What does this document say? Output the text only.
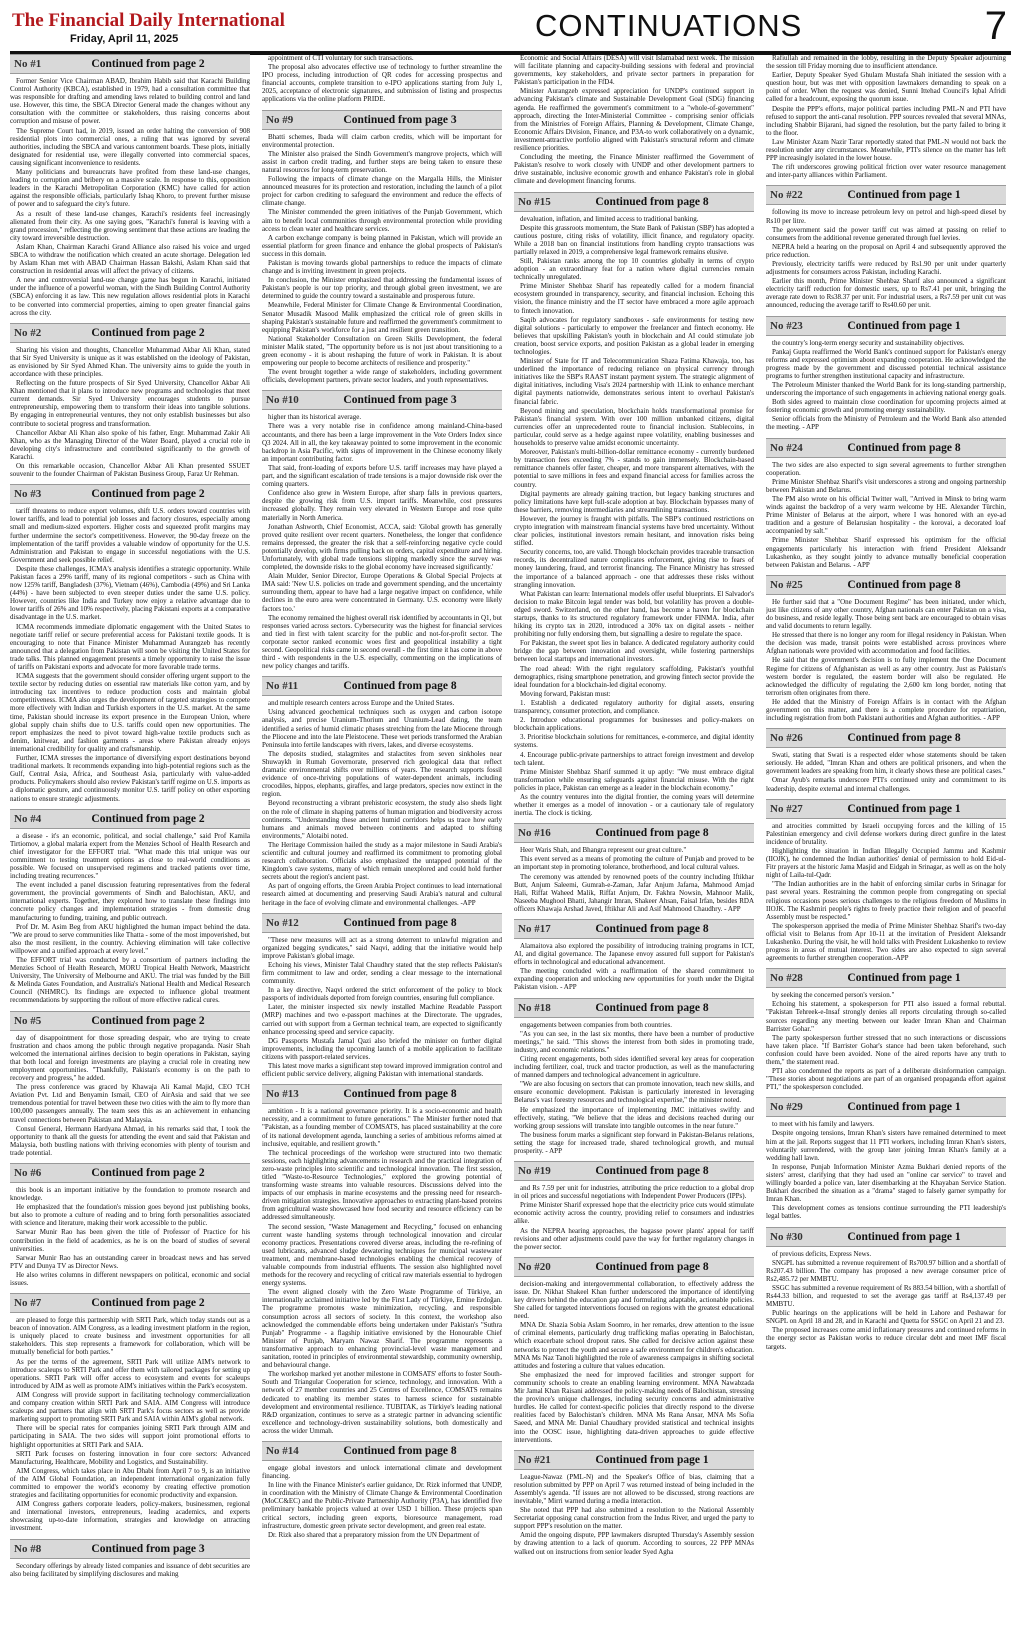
The Financial Daily International
Friday, April 11, 2025	CONTINUATIONS	7
No #1	Continued from page 2

Former Senior Vice Chairman ABAD, Ibrahim Habib said that Karachi Building Control Authority (KBCA), established in 1979, had a consultation committee that was responsible for drafting and amending laws related to building control and land use. However, this time, the SBCA Director General made the changes without any consultation with the committee or stakeholders, thus raising concerns about corruption and misuse of power.

The Supreme Court had, in 2019, issued an order halting the conversion of 908 residential plots into commercial ones, a ruling that was ignored by several authorities, including the SBCA and various cantonment boards. These plots, initially designated for residential use, were illegally converted into commercial spaces, causing significant inconvenience to residents.

Many politicians and bureaucrats have profited from these land-use changes, leading to corruption and bribery on a massive scale. In response to this, opposition leaders in the Karachi Metropolitan Corporation (KMC) have called for action against the responsible officials, particularly Ishaq Khoro, to prevent further misuse of power and to safeguard the city's future.

As a result of these land-use changes, Karachi's residents feel increasingly alienated from their city. As one saying goes, "Karachi's funeral is leaving with a grand procession," reflecting the growing sentiment that these actions are leading the city toward irreversible destruction.

Aslam Khan, Chairman Karachi Grand Alliance also raised his voice and urged SBCA to withdraw the notification which created an acute shortage. Delegation led by Aslam Khan met with ABAD Chairman Hassan Bakshi, Aslam Khan said that construction in residential areas will affect the privacy of citizens.

A new and controversial land-use change game has begun in Karachi, initiated under the influence of a powerful woman, with the Sindh Building Control Authority (SBCA) enforcing it as law. This new regulation allows residential plots in Karachi to be converted into commercial properties, aiming to open greater financial gains across the city.

No #2	Continued from page 2

Sharing his vision and thoughts, Chancellor Muhammad Akbar Ali Khan, stated that Sir Syed University is unique as it was established on the ideology of Pakistan, as envisioned by Sir Syed Ahmed Khan. The university aims to guide the youth in accordance with these principles.

Reflecting on the future prospects of Sir Syed University, Chancellor Akbar Ali Khan mentioned that it plans to introduce new programs and technologies that meet current demands. Sir Syed University encourages students to pursue entrepreneurship, empowering them to transform their ideas into tangible solutions. By engaging in entrepreneurial ventures, they not only establish businesses but also contribute to societal progress and transformation.

Chancellor Akbar Ali Khan also spoke of his father, Engr. Muhammad Zakir Ali Khan, who as the Managing Director of the Water Board, played a crucial role in developing city's infrastructure and contributed significantly to the growth of Karachi.

On this remarkable occasion, Chancellor Akbar Ali Khan presented SSUET souvenir to the founder Chairman of Pakistan Business Group, Faraz Ur Rehman.

No #3	Continued from page 2

tariff threatens to reduce export volumes, shift U.S. orders toward countries with lower tariffs, and lead to potential job losses and factory closures, especially among small and medium-sized exporters. Higher costs and squeezed profit margins may further undermine the sector's competitiveness. However, the 90-day freeze on the implementation of the tariff provides a valuable window of opportunity for the U.S. Administration and Pakistan to engage in successful negotiations with the U.S. Government and seek possible relief.

Despite these challenges, ICMA's analysis identifies a strategic opportunity. While Pakistan faces a 29% tariff, many of its regional competitors - such as China with now 125% tariff, Bangladesh (37%), Vietnam (46%), Cambodia (49%) and Sri Lanka (44%) - have been subjected to even steeper duties under the same U.S. policy. However, countries like India and Turkey now enjoy a relative advantage due to lower tariffs of 26% and 10% respectively, placing Pakistani exports at a comparative disadvantage in the U.S. market.

ICMA recommends immediate diplomatic engagement with the United States to negotiate tariff relief or secure preferential access for Pakistani textile goods. It is encouraging to note that Finance Minister Muhammad Aurangzeb has recently announced that a delegation from Pakistan will soon be visiting the United States for trade talks. This planned engagement presents a timely opportunity to raise the issue of tariffs on Pakistani exports and advocate for more favorable trade terms.

ICMA suggests that the government should consider offering urgent support to the textile sector by reducing duties on essential raw materials like cotton yarn, and by introducing tax incentives to reduce production costs and maintain global competitiveness. ICMA also urges the development of targeted strategies to compete more effectively with Indian and Turkish exporters in the U.S. market. At the same time, Pakistan should increase its export presence in the European Union, where global supply chain shifts due to U.S. tariffs could open new opportunities. The report emphasizes the need to pivot toward high-value textile products such as denim, knitwear, and fashion garments - areas where Pakistan already enjoys international credibility for quality and craftsmanship.

Further, ICMA stresses the importance of diversifying export destinations beyond traditional markets. It recommends expanding into high-potential regions such as the Gulf, Central Asia, Africa, and Southeast Asia, particularly with value-added products. Policymakers should also review Pakistan's tariff regime on U.S. imports as a diplomatic gesture, and continuously monitor U.S. tariff policy on other exporting nations to ensure strategic adjustments.

No #4	Continued from page 2

a disease - it's an economic, political, and social challenge," said Prof Kamila Tirtiomov, a global malaria expert from the Menzies School of Health Research and chief investigator for the EFFORT trial. "What made this trial unique was our commitment to testing treatment options as close to real-world conditions as possible. We focused on unsupervised regimens and tracked patients over time, including treating recurrences."

The event included a panel discussion featuring representatives from the federal government, the provincial governments of Sindh and Balochistan, AKU, and international experts. Together, they explored how to translate these findings into concrete policy changes and implementation strategies - from domestic drug manufacturing to funding, training, and public outreach.

Prof Dr. M. Asim Beg from AKU highlighted the human impact behind the data. "We are proud to serve communities like Thatta - some of the most impoverished, but also the most resilient, in the country. Achieving elimination will take collective willpower and a unified approach at every level."

The EFFORT trial was conducted by a consortium of partners including the Menzies School of Health Research, MORU Tropical Health Network, Maastricht University, The University of Melbourne and AKU. The trial was funded by the Bill & Melinda Gates Foundation, and Australia's National Health and Medical Research Council (NHMRC). Its findings are expected to influence global treatment recommendations by supporting the rollout of more effective radical cures.

No #5	Continued from page 2

day of disappointment for those spreading despair, who are trying to create frustration and chaos among the public through negative propaganda. Nasir Shah welcomed the international airlines decision to begin operations in Pakistan, saying that both local and foreign investments are playing a crucial role in creating new employment opportunities. "Thankfully, Pakistan's economy is on the path to recovery and progress," he added.

The press conference was graced by Khawaja Ali Kamal Majid, CEO TCH Aviation Pvt. Ltd and Benyamin Ismail, CEO of AirAsia and said that we see tremendous potential for travel between these two cities with the aim to fly more than 100,000 passengers annually. The team sees this as an achievement in enhancing travel connections between Pakistan and Malaysia.

Consul General, Hermann Hardyana Ahmad, in his remarks said that, I took the opportunity to thank all the guests for attending the event and said that Pakistan and Malaysia, both bustling nations with thriving economies with plenty of tourism and trade potential.

No #6	Continued from page 2

this book is an important initiative by the foundation to promote research and knowledge.

He emphasized that the foundation's mission goes beyond just publishing books, but also to promote a culture of reading and to bring forth personalities associated with science and literature, making their work accessible to the public.

Sarwar Munir Rao has been given the title of Professor of Practice for his contribution in the field of academics, as he is on the board of studies of several universities.

Sarwar Munir Rao has an outstanding career in broadcast news and has served PTV and Dunya TV as Director News.

He also writes columns in different newspapers on political, economic and social issues.

No #7	Continued from page 2

are pleased to forge this partnership with SRTI Park, which today stands out as a beacon of innovation. AIM Congress, as a leading investment platform in the region, is uniquely placed to create business and investment opportunities for all stakeholders. This step represents a framework for collaboration, which will be mutually beneficial for both parties."

As per the terms of the agreement, SRTI Park will utilize AIM's network to introduce scaleups to SRTI Park and offer them with tailored packages for setting up operations. SRTI Park will offer access to ecosystem and events for scaleups introduced by AIM as well as promote AIM's initiatives within the Park's ecosystem.

AIM Congress will provide support in facilitating technology commercialization and company creation within SRTI Park and SAIA. AIM Congress will introduce scaleups and partners that align with SRTI Park's focus sectors as well as provide marketing support to promoting SRTI Park and SAIA within AIM's global network.

There will be special rates for companies joining SRTI Park through AIM and participating in SAIA. The two sides will support joint promotional efforts to highlight opportunities at SRTI Park and SAIA.

SRTI Park focuses on fostering innovation in four core sectors: Advanced Manufacturing, Healthcare, Mobility and Logistics, and Sustainability.

AIM Congress, which takes place in Abu Dhabi from April 7 to 9, is an initiative of the AIM Global Foundation, an independent international organization fully committed to empower the world's economy by creating effective promotion strategies and facilitating opportunities for economic productivity and expansion.

AIM Congress gathers corporate leaders, policy-makers, businessmen, regional and international investors, entrepreneurs, leading academics, and experts showcasing up-to-date information, strategies and knowledge on attracting investment.

No #8	Continued from page 3

Secondary offerings by already listed companies and issuance of debt securities are also being facilitated by simplifying disclosures and making

appointment of CTI voluntary for such transactions.

The proposal also advocates effective use of technology to further streamline the IPO process, including introduction of QR codes for accessing prospectus and financial accounts, complete transition to e-IPO applications starting from July 1, 2025, acceptance of electronic signatures, and submission of listing and prospectus applications via the online platform PRIDE.

No #9	Continued from page 3

Bhatti schemes, Ibada will claim carbon credits, which will be important for environmental protection.

The Minister also praised the Sindh Government's mangrove projects, which will assist in carbon credit trading, and further steps are being taken to ensure these natural resources for long-term preservation.

Following the impacts of climate change on the Margalla Hills, the Minister announced measures for its protection and restoration, including the launch of a pilot project for carbon crediting to safeguard the environment and reduce the effects of climate change.

The Minister commended the green initiatives of the Punjab Government, which aim to benefit local communities through environmental protection while providing access to clean water and healthcare services.

A carbon exchange company is being planned in Pakistan, which will provide an essential platform for green finance and enhance the global prospects of Pakistan's success in this domain.

Pakistan is moving towards global partnerships to reduce the impacts of climate change and is inviting investment in green projects.

In conclusion, the Minister emphasized that addressing the fundamental issues of Pakistan's people is our top priority, and through global green investment, we are determined to guide the country toward a sustainable and prosperous future.

Meanwhile, Federal Minister for Climate Change & Environmental Coordination, Senator Musadik Masood Malik emphasized the critical role of green skills in shaping Pakistan's sustainable future and reaffirmed the government's commitment to equipping Pakistan's workforce for a just and resilient green transition.

National Stakeholder Consultation on Green Skills Development, the federal minister Malik stated, "The opportunity before us is not just about transitioning to a green economy - it is about reshaping the future of work in Pakistan. It is about empowering our people to become architects of resilience and prosperity."

The event brought together a wide range of stakeholders, including government officials, development partners, private sector leaders, and youth representatives.

No #10	Continued from page 3

higher than its historical average.

There was a very notable rise in confidence among mainland-China-based accountants, and there has been a large improvement in the Vote Orders Index since Q3 2024. All in all, the key takeaway pointed to some improvement in the economic backdrop in Asia Pacific, with signs of improvement in the Chinese economy likely an important contributing factor.

That said, front-loading of exports before U.S. tariff increases may have played a part, and the significant escalation of trade tensions is a major downside risk over the coming quarters.

Confidence also grew in Western Europe, after sharp falls in previous quarters, despite the growing risk from U.S. import tariffs. Meanwhile, cost pressures increased globally. They remain very elevated in Western Europe and rose quite materially in North America.

Jonathan Ashworth, Chief Economist, ACCA, said: 'Global growth has generally proved quite resilient over recent quarters. Nonetheless, the longer that confidence remains depressed, the greater the risk that a self-reinforcing negative cycle could potentially develop, with firms pulling back on orders, capital expenditure and hiring. Unfortunately, with global trade tensions slipping markedly since the survey was completed, the downside risks to the global economy have increased significantly.'

Alain Mulder, Senior Director, Europe Operations & Global Special Projects at IMA said: 'New U.S. policies on trade and government spending, and the uncertainty surrounding them, appear to have had a large negative impact on confidence, while declines in the euro area were concentrated in Germany. U.S. economy were likely factors too.'

The economy remained the highest overall risk identified by accountants in Q1, but responses varied across sectors. Cybersecurity was the highest for financial services and tied in first with talent scarcity for the public and not-for-profit sector. The corporate sector ranked economic woes first and geopolitical instability a tight second. Geopolitical risks came in second overall - the first time it has come in above third - with respondents in the U.S. especially, commenting on the implications of new policy changes and tariffs.

No #11	Continued from page 8

and multiple research centers across Europe and the United States.

Using advanced geochemical techniques such as oxygen and carbon isotope analysis, and precise Uranium-Thorium and Uranium-Lead dating, the team identified a series of humid climatic phases stretching from the late Miocene through the Pliocene and into the late Pleistocene. These wet periods transformed the Arabian Peninsula into fertile landscapes with rivers, lakes, and diverse ecosystems.

The deposits studied, stalagmites and stalactites from seven sinkholes near Shuwaykh in Rumah Governorate, preserved rich geological data that reflect dramatic environmental shifts over millions of years. The research supports fossil evidence of once-thriving populations of water-dependent animals, including crocodiles, hippos, elephants, giraffes, and large predators, species now extinct in the region.

Beyond reconstructing a vibrant prehistoric ecosystem, the study also sheds light on the role of climate in shaping patterns of human migration and biodiversity across continents. "Understanding these ancient humid corridors helps us trace how early humans and animals moved between continents and adapted to shifting environments," Alotaibi noted.

The Heritage Commission hailed the study as a major milestone in Saudi Arabia's scientific and cultural journey and reaffirmed its commitment to promoting global research collaboration. Officials also emphasized the untapped potential of the Kingdom's cave systems, many of which remain unexplored and could hold further secrets about the region's ancient past.

As part of ongoing efforts, the Green Arabia Project continues to lead international research aimed at documenting and preserving Saudi Arabia's natural and cultural heritage in the face of evolving climate and environmental challenges. -APP

No #12	Continued from page 8

"These new measures will act as a strong deterrent to unlawful migration and organized begging syndicates," said Naqvi, adding that the initiative would help improve Pakistan's global image.

Echoing his views, Minister Talal Chaudhry stated that the step reflects Pakistan's firm commitment to law and order, sending a clear message to the international community.

In a key directive, Naqvi ordered the strict enforcement of the policy to block passports of individuals deported from foreign countries, ensuring full compliance.

Later, the minister inspected six newly installed Machine Readable Passport (MRP) machines and two e-passport machines at the Directorate. The upgrades, carried out with support from a German technical team, are expected to significantly enhance processing speed and service capacity.

DG Passports Mustafa Jamal Qazi also briefed the minister on further digital improvements, including the upcoming launch of a mobile application to facilitate citizens with passport-related services.

This latest move marks a significant step toward improved immigration control and efficient public service delivery, aligning Pakistan with international standards.

No #13	Continued from page 8

ambition - It is a national governance priority. It is a socio-economic and health necessity, and a commitment to future generations." The Minister further noted that "Pakistan, as a founding member of COMSATS, has placed sustainability at the core of its national development agenda, launching a series of ambitious reforms aimed at inclusive, equitable, and resilient growth."

The technical proceedings of the workshop were structured into two thematic sessions, each highlighting advancements in research and the practical integration of zero-waste principles into scientific and technological innovation. The first session, titled "Waste-to-Resource Technologies," explored the growing potential of transforming waste streams into valuable resources. Discussions delved into the impacts of our emphasis in marine ecosystems and the pressing need for research-driven mitigation strategies. Innovative approaches to extracting plant-based proteins from agricultural waste showcased how food security and resource efficiency can be addressed simultaneously.

The second session, "Waste Management and Recycling," focused on enhancing current waste handling systems through technological innovation and circular economy practices. Presentations covered diverse areas, including the re-refining of used lubricants, advanced sludge dewatering techniques for municipal wastewater treatment, and membrane-based technologies enabling the chemical recovery of valuable compounds from industrial effluents. The session also highlighted novel methods for the recovery and recycling of critical raw materials essential to hydrogen energy systems.

The event aligned closely with the Zero Waste Programme of Türkiye, an internationally acclaimed initiative led by the First Lady of Türkiye, Emine Erdoğan. The programme promotes waste minimization, recycling, and responsible consumption across all sectors of society. In this context, the workshop also acknowledged the commendable efforts being undertaken under Pakistan's "Suthra Punjab" Programme - a flagship initiative envisioned by the Honourable Chief Minister of Punjab, Maryam Nawaz Sharif. The programme represents a transformative approach to enhancing provincial-level waste management and sanitation, rooted in principles of environmental stewardship, community ownership, and behavioural change.

The workshop marked yet another milestone in COMSATS' efforts to foster South-South and Triangular Cooperation for science, technology, and innovation. With a network of 27 member countries and 25 Centres of Excellence, COMSATS remains dedicated to enabling its member states to harness science for sustainable development and environmental resilience. TUBITAK, as Türkiye's leading national R&D organization, continues to serve as a strategic partner in advancing scientific excellence and technology-driven sustainability solutions, both domestically and across the wider Ummah.

No #14	Continued from page 8

engage global investors and unlock international climate and development financing.

In line with the Finance Minister's earlier guidance, Dr. Rizk informed that UNDP, in coordination with the Ministry of Climate Change & Environmental Coordination (MoCC&EC) and the Public-Private Partnership Authority (P3A), has identified five preliminary bankable projects valued at over USD 1 billion. These projects span critical sectors, including green exports, bioresource management, road infrastructure, domestic green private sector development, and green real estate.

Dr. Rizk also shared that a preparatory mission from the UN Department of

Economic and Social Affairs (DESA) will visit Islamabad next week. The mission will facilitate planning and capacity-building sessions with federal and provincial governments, key stakeholders, and private sector partners in preparation for Pakistan's participation in the FfD4.

Minister Aurangzeb expressed appreciation for UNDP's continued support in advancing Pakistan's climate and Sustainable Development Goal (SDG) financing agenda. He reaffirmed the government's commitment to a "whole-of-government" approach, directing the Inter-Ministerial Committee - comprising senior officials from the Ministries of Foreign Affairs, Planning & Development, Climate Change, Economic Affairs Division, Finance, and P3A-to work collaboratively on a dynamic, investment-attractive portfolio aligned with Pakistan's structural reform and climate resilience priorities.

Concluding the meeting, the Finance Minister reaffirmed the Government of Pakistan's resolve to work closely with UNDP and other development partners to drive sustainable, inclusive economic growth and enhance Pakistan's role in global climate and development financing forums.

No #15	Continued from page 8

devaluation, inflation, and limited access to traditional banking.

Despite this grassroots momentum, the State Bank of Pakistan (SBP) has adopted a cautious posture, citing risks of volatility, illicit finance, and regulatory opacity. While a 2018 ban on financial institutions from handling crypto transactions was partially relaxed in 2019, a comprehensive legal framework remains elusive.

Still, Pakistan ranks among the top 10 countries globally in terms of crypto adoption - an extraordinary feat for a nation where digital currencies remain technically unregulated.

Prime Minister Shehbaz Sharif has repeatedly called for a modern financial ecosystem grounded in transparency, security, and financial inclusion. Echoing this vision, the finance ministry and the IT sector have embraced a more agile approach to fintech innovation.

Saqib advocates for regulatory sandboxes - safe environments for testing new digital solutions - particularly to empower the freelancer and fintech economy. He believes that upskilling Pakistan's youth in blockchain and AI could stimulate job creation, boost service exports, and position Pakistan as a global leader in emerging technologies.

Minister of State for IT and Telecommunication Shaza Fatima Khawaja, too, has underlined the importance of reducing reliance on physical currency through initiatives like the SBP's RAAST instant payment system. The strategic alignment of digital initiatives, including Visa's 2024 partnership with 1Link to enhance merchant digital payments nationwide, demonstrates serious intent to overhaul Pakistan's financial fabric.

Beyond mining and speculation, blockchain holds transformational promise for Pakistan's financial system. With over 100 million unbanked citizens, digital currencies offer an unprecedented route to financial inclusion. Stablecoins, in particular, could serve as a hedge against rupee volatility, enabling businesses and households to preserve value amidst economic uncertainty.

Moreover, Pakistan's multi-billion-dollar remittance economy - currently burdened by transaction fees exceeding 7% - stands to gain immensely. Blockchain-based remittance channels offer faster, cheaper, and more transparent alternatives, with the potential to save millions in fees and expand financial access for families across the country.

Digital payments are already gaining traction, but legacy banking structures and policy limitations have kept full-scale adoption at bay. Blockchain bypasses many of these barriers, removing intermediaries and streamlining transactions.

However, the journey is fraught with pitfalls. The SBP's continued restrictions on crypto integration with mainstream financial systems have bred uncertainty. Without clear policies, institutional investors remain hesitant, and innovation risks being stifled.

Security concerns, too, are valid. Though blockchain provides traceable transaction records, its decentralized nature complicates enforcement, giving rise to fears of money laundering, fraud, and terrorist financing. The Finance Ministry has stressed the importance of a balanced approach - one that addresses these risks without strangling innovation.

What Pakistan can learn: International models offer useful blueprints. El Salvador's decision to make Bitcoin legal tender was bold, but volatility has proven a double-edged sword. Switzerland, on the other hand, has become a haven for blockchain startups, thanks to its structured regulatory framework under FINMA. India, after hiking its crypto tax in 2020, introduced a 30% tax on digital assets - neither prohibiting nor fully endorsing them, but signalling a desire to regulate the space.

For Pakistan, the sweet spot lies in balance. A dedicated regulatory authority could bridge the gap between innovation and oversight, while fostering partnerships between local startups and international investors.

The road ahead: With the right regulatory scaffolding, Pakistan's youthful demographics, rising smartphone penetration, and growing fintech sector provide the ideal foundation for a blockchain-led digital economy.

Moving forward, Pakistan must:

1. Establish a dedicated regulatory authority for digital assets, ensuring transparency, consumer protection, and compliance.

2. Introduce educational programmes for businesses and policy-makers on blockchain applications.

3. Prioritise blockchain solutions for remittances, e-commerce, and digital identity systems.

4. Encourage public-private partnerships to attract foreign investment and develop tech talent.

Prime Minister Shehbaz Sharif summed it up aptly: "We must embrace digital transformation while ensuring safeguards against financial misuse. With the right policies in place, Pakistan can emerge as a leader in the blockchain economy."

As the country ventures into the digital frontier, the coming years will determine whether it emerges as a model of innovation - or a cautionary tale of regulatory inertia. The clock is ticking.

No #16	Continued from page 8

Heer Waris Shah, and Bhangra represent our great culture."

This event served as a means of promoting the culture of Punjab and proved to be an important step in promoting tolerance, brotherhood, and local cultural values.

The ceremony was attended by renowned poets of the country including Iftikhar Butt, Anjum Saleemi, Gumrah-e-Zaman, Jafar Anjum Jafarna, Mahmood Amjad Hali, Riffat Waheed Malik, Riffat Anjum, Dr. Fakhra Nowsin, Mahnoor Malik, Naseeba Mughool Bhatti, Jahangir Imran, Shakeer Ahsan, Faisal Irfan, besides RDA officers Khawaja Arshad Javed, Iftikhar Ali and Asif Mahmood Chaudhry. - APP

No #17	Continued from page 8

Alamaitova also explored the possibility of introducing training programs in ICT, AI, and digital governance. The Japanese envoy assured full support for Pakistan's efforts in technological and educational advancement.

The meeting concluded with a reaffirmation of the shared commitment to expanding cooperation and unlocking new opportunities for youth under the Digital Pakistan vision. - APP

No #18	Continued from page 8

engagements between companies from both countries.

"As you can see, in the last six months, there have been a number of productive meetings," he said. "This shows the interest from both sides in promoting trade, industry, and economic relations."

Citing recent engagements, both sides identified several key areas for cooperation including fertilizer, coal, truck and tractor production, as well as the manufacturing of manned dampers and technological advancement in agriculture.

"We are also focusing on sectors that can promote innovation, teach new skills, and ensure economic development. Pakistan is particularly interested in leveraging Belarus's vast forestry resources and technological expertise," the minister noted.

He emphasized the importance of implementing JMC initiatives swiftly and effectively, stating, "We believe that the ideas and decisions reached during our working group sessions will translate into tangible outcomes in the near future."

The business forum marks a significant step forward in Pakistan-Belarus relations, setting the stage for increased trade, shared technological growth, and mutual prosperity. - APP

No #19	Continued from page 8

and Rs 7.59 per unit for industries, attributing the price reduction to a global drop in oil prices and successful negotiations with Independent Power Producers (IPPs).

Prime Minister Sharif expressed hope that the electricity price cuts would stimulate economic activity across the country, providing relief to consumers and industries alike.

As the NEPRA hearing approaches, the bagasse power plants' appeal for tariff revisions and other adjustments could pave the way for further regulatory changes in the power sector.

No #20	Continued from page 8

decision-making and intergovernmental collaboration, to effectively address the issue. Dr. Nikhat Shakeel Khan further underscored the importance of identifying key drivers behind the education gap and formulating adaptable, actionable policies. She called for targeted interventions focused on regions with the greatest educational need.

MNA Dr. Shazia Sobia Aslam Soomro, in her remarks, drew attention to the issue of criminal elements, particularly drug trafficking mafias operating in Balochistan, which exacerbate school dropout rates. She called for decisive action against these networks to protect the youth and secure a safe environment for children's education. MNA Ms Naz Tanoli highlighted the role of awareness campaigns in shifting societal attitudes and fostering a culture that values education.

She emphasized the need for improved facilities and stronger support for community schools to create an enabling learning environment. MNA Nawabzada Mir Jamal Khan Raisani addressed the policy-making needs of Balochistan, stressing the province's unique challenges, including security concerns and administrative hurdles. He called for context-specific policies that directly respond to the diverse realities faced by Balochistan's children. MNA Ms Rana Ansar, MNA Ms Sofia Saeed, and MNA Mr. Danial Chaudhary provided statistical and technical insights into the OOSC issue, highlighting data-driven approaches to guide effective interventions.

No #21	Continued from page 1

League-Nawaz (PML-N) and the Speaker's Office of bias, claiming that a resolution submitted by PPP on April 7 was returned instead of being included in the Assembly's agenda. "If issues are not allowed to be discussed, strong reactions are inevitable," Mirri warned during a media interaction.

She noted that PPP had also submitted a resolution to the National Assembly Secretariat opposing canal construction from the Indus River, and urged the party to support PPP's resolution on the matter.

Amid the ongoing dispute, PPP lawmakers disrupted Thursday's Assembly session by drawing attention to a lack of quorum. According to sources, 22 PPP MNAs walked out on instructions from senior leader Syed Agha

Rafiullah and remained in the lobby, resulting in the Deputy Speaker adjourning the session till Friday morning due to insufficient attendance.

Earlier, Deputy Speaker Syed Ghulam Mustafa Shah initiated the session with a question hour, but was met with opposition lawmakers demanding to speak on a point of order. When the request was denied, Sunni Ittehad Council's Iqbal Afridi called for a headcount, exposing the quorum issue.

Despite the PPP's efforts, major political parties including PML-N and PTI have refused to support the anti-canal resolution. PPP sources revealed that several MNAs, including Shabbir Bijarani, had signed the resolution, but the party failed to bring it to the floor.

Law Minister Azam Nazir Tarar reportedly stated that PML-N would not back the resolution under any circumstances. Meanwhile, PTI's silence on the matter has left PPP increasingly isolated in the lower house.

The rift underscores growing political friction over water resource management and inter-party alliances within Parliament.

No #22	Continued from page 1

following its move to increase petroleum levy on petrol and high-speed diesel by Rs10 per litre.

The government said the power tariff cut was aimed at passing on relief to consumers from the additional revenue generated through fuel levies.

NEPRA held a hearing on the proposal on April 4 and subsequently approved the price reduction.

Previously, electricity tariffs were reduced by Rs1.90 per unit under quarterly adjustments for consumers across Pakistan, including Karachi.

Earlier this month, Prime Minister Shehbaz Sharif also announced a significant electricity tariff reduction for domestic users, up to Rs7.41 per unit, bringing the average rate down to Rs38.37 per unit. For industrial users, a Rs7.59 per unit cut was announced, reducing the average tariff to Rs40.60 per unit.

No #23	Continued from page 1

the country's long-term energy security and sustainability objectives.

Pankaj Gupta reaffirmed the World Bank's continued support for Pakistan's energy reforms and expressed optimism about expanding cooperation. He acknowledged the progress made by the government and discussed potential technical assistance programs to further strengthen institutional capacity and infrastructure.

The Petroleum Minister thanked the World Bank for its long-standing partnership, underscoring the importance of such engagements in achieving national energy goals.

Both sides agreed to maintain close coordination for upcoming projects aimed at fostering economic growth and promoting energy sustainability.

Senior officials from the Ministry of Petroleum and the World Bank also attended the meeting. - APP

No #24	Continued from page 8

The two sides are also expected to sign several agreements to further strengthen cooperation.

Prime Minister Shehbaz Sharif's visit underscores a strong and ongoing partnership between Pakistan and Belarus.

The PM also wrote on his official Twitter wall, "Arrived in Minsk to bring warm winds against the backdrop of a very warm welcome by HE. Alexander Türchin, Prime Minister of Belarus at the airport, where I was honored with an eye-ad tradition and a gesture of Belarusian hospitality - the korovai, a decorated loaf accompanied by salt."

Prime Minister Shehbaz Sharif expressed his optimism for the official engagements particularly his interaction with friend President Aleksandr Lukashenko, as they sought jointly to advance mutually beneficial cooperation between Pakistan and Belarus. - APP

No #25	Continued from page 8

He further said that a "One Document Regime" has been initiated, under which, just like citizens of any other country, Afghan nationals can enter Pakistan on a visa, do business, and reside legally. Those being sent back are encouraged to obtain visas and valid documents to return legally.

He stressed that there is no longer any room for illegal residency in Pakistan. When the decision was made, transit points were established across provinces where Afghan nationals were provided with accommodation and food facilities.

He said that the government's decision is to fully implement the One Document Regime for citizens of Afghanistan as well as any other country. Just as Pakistan's western border is regulated, the eastern border will also be regulated. He acknowledged the difficulty of regulating the 2,600 km long border, noting that terrorism often originates from there.

He added that the Ministry of Foreign Affairs is in contact with the Afghan government on this matter, and there is a complete procedure for repatriation, including registration from both Pakistani authorities and Afghan authorities. - APP

No #26	Continued from page 8

Swati, stating that Swati is a respected elder whose statements should be taken seriously. He added, "Imran Khan and others are political prisoners, and when the government leaders are speaking from him, it clearly shows these are political cases."

Omar Ayub's remarks underscore PTI's continued unity and commitment to its leadership, despite external and internal challenges.

No #27	Continued from page 1

and atrocities committed by Israeli occupying forces and the killing of 15 Palestinian emergency and civil defense workers during direct gunfire in the latest incidence of brutality.

Highlighting the situation in Indian Illegally Occupied Jammu and Kashmir (IIOJK), he condemned the Indian authorities' denial of permission to hold Eid-ul-Fitr prayers at the historic Jama Masjid and Eidgah in Srinagar, as well as on the holy night of Laila-tul-Qadr.

"The Indian authorities are in the habit of enforcing similar curbs in Srinagar for past several years. Restraining the common people from congregating on special religious occasions poses serious challenges to the religious freedom of Muslims in IIOJK. The Kashmiri people's rights to freely practice their religion and of peaceful Assembly must be respected."

The spokesperson apprised the media of Prime Minister Shehbaz Sharif's two-day official visit to Belarus from Apr 10-11 at the invitation of President Aleksandr Lukashenko. During the visit, he will hold talks with President Lukashenko to review progress in areas of mutual interest. Two sides are also expected to sign several agreements to further strengthen cooperation.-APP

No #28	Continued from page 1

by seeking the concerned person's version."

Echoing his statement, a spokesperson for PTI also issued a formal rebuttal. "Pakistan Tehreek-e-Insaf strongly denies all reports circulating through so-called sources regarding any meeting between our leader Imran Khan and Chairman Barrister Gohar."

The party spokesperson further stressed that no such interactions or discussions have taken place. "If Barrister Gohar's stance had been taken beforehand, such confusion could have been avoided. None of the aired reports have any truth to them," the statement read.

PTI also condemned the reports as part of a deliberate disinformation campaign. "These stories about negotiations are part of an organised propaganda effort against PTI," the spokesperson concluded.

No #29	Continued from page 1

to meet with his family and lawyers.

Despite ongoing tensions, Imran Khan's sisters have remained determined to meet him at the jail. Reports suggest that 11 PTI workers, including Imran Khan's sisters, voluntarily surrendered, with the group later joining Imran Khan's family at a wedding hall lawn.

In response, Punjab Information Minister Azma Bukhari denied reports of the sisters' arrest, clarifying that they had used an "online car service" to travel and willingly boarded a police van, later disembarking at the Khayaban Service Station. Bukhari described the situation as a "drama" staged to falsely garner sympathy for Imran Khan.

This development comes as tensions continue surrounding the PTI leadership's legal battles.

No #30	Continued from page 1

of previous deficits, Express News.

SNGPL has submitted a revenue requirement of Rs700.97 billion and a shortfall of Rs207.43 billion. The company has proposed a new average consumer price of Rs2,485.72 per MMBTU.

SSGC has submitted a revenue requirement of Rs 883.54 billion, with a shortfall of Rs44.33 billion, and requested to set the average gas tariff at Rs4,137.49 per MMBTU.

Public hearings on the applications will be held in Lahore and Peshawar for SNGPL on April 18 and 28, and in Karachi and Quetta for SSGC on April 21 and 23.

The proposed increases come amid inflationary pressures and continued reforms in the energy sector as Pakistan works to reduce circular debt and meet IMF fiscal targets.
